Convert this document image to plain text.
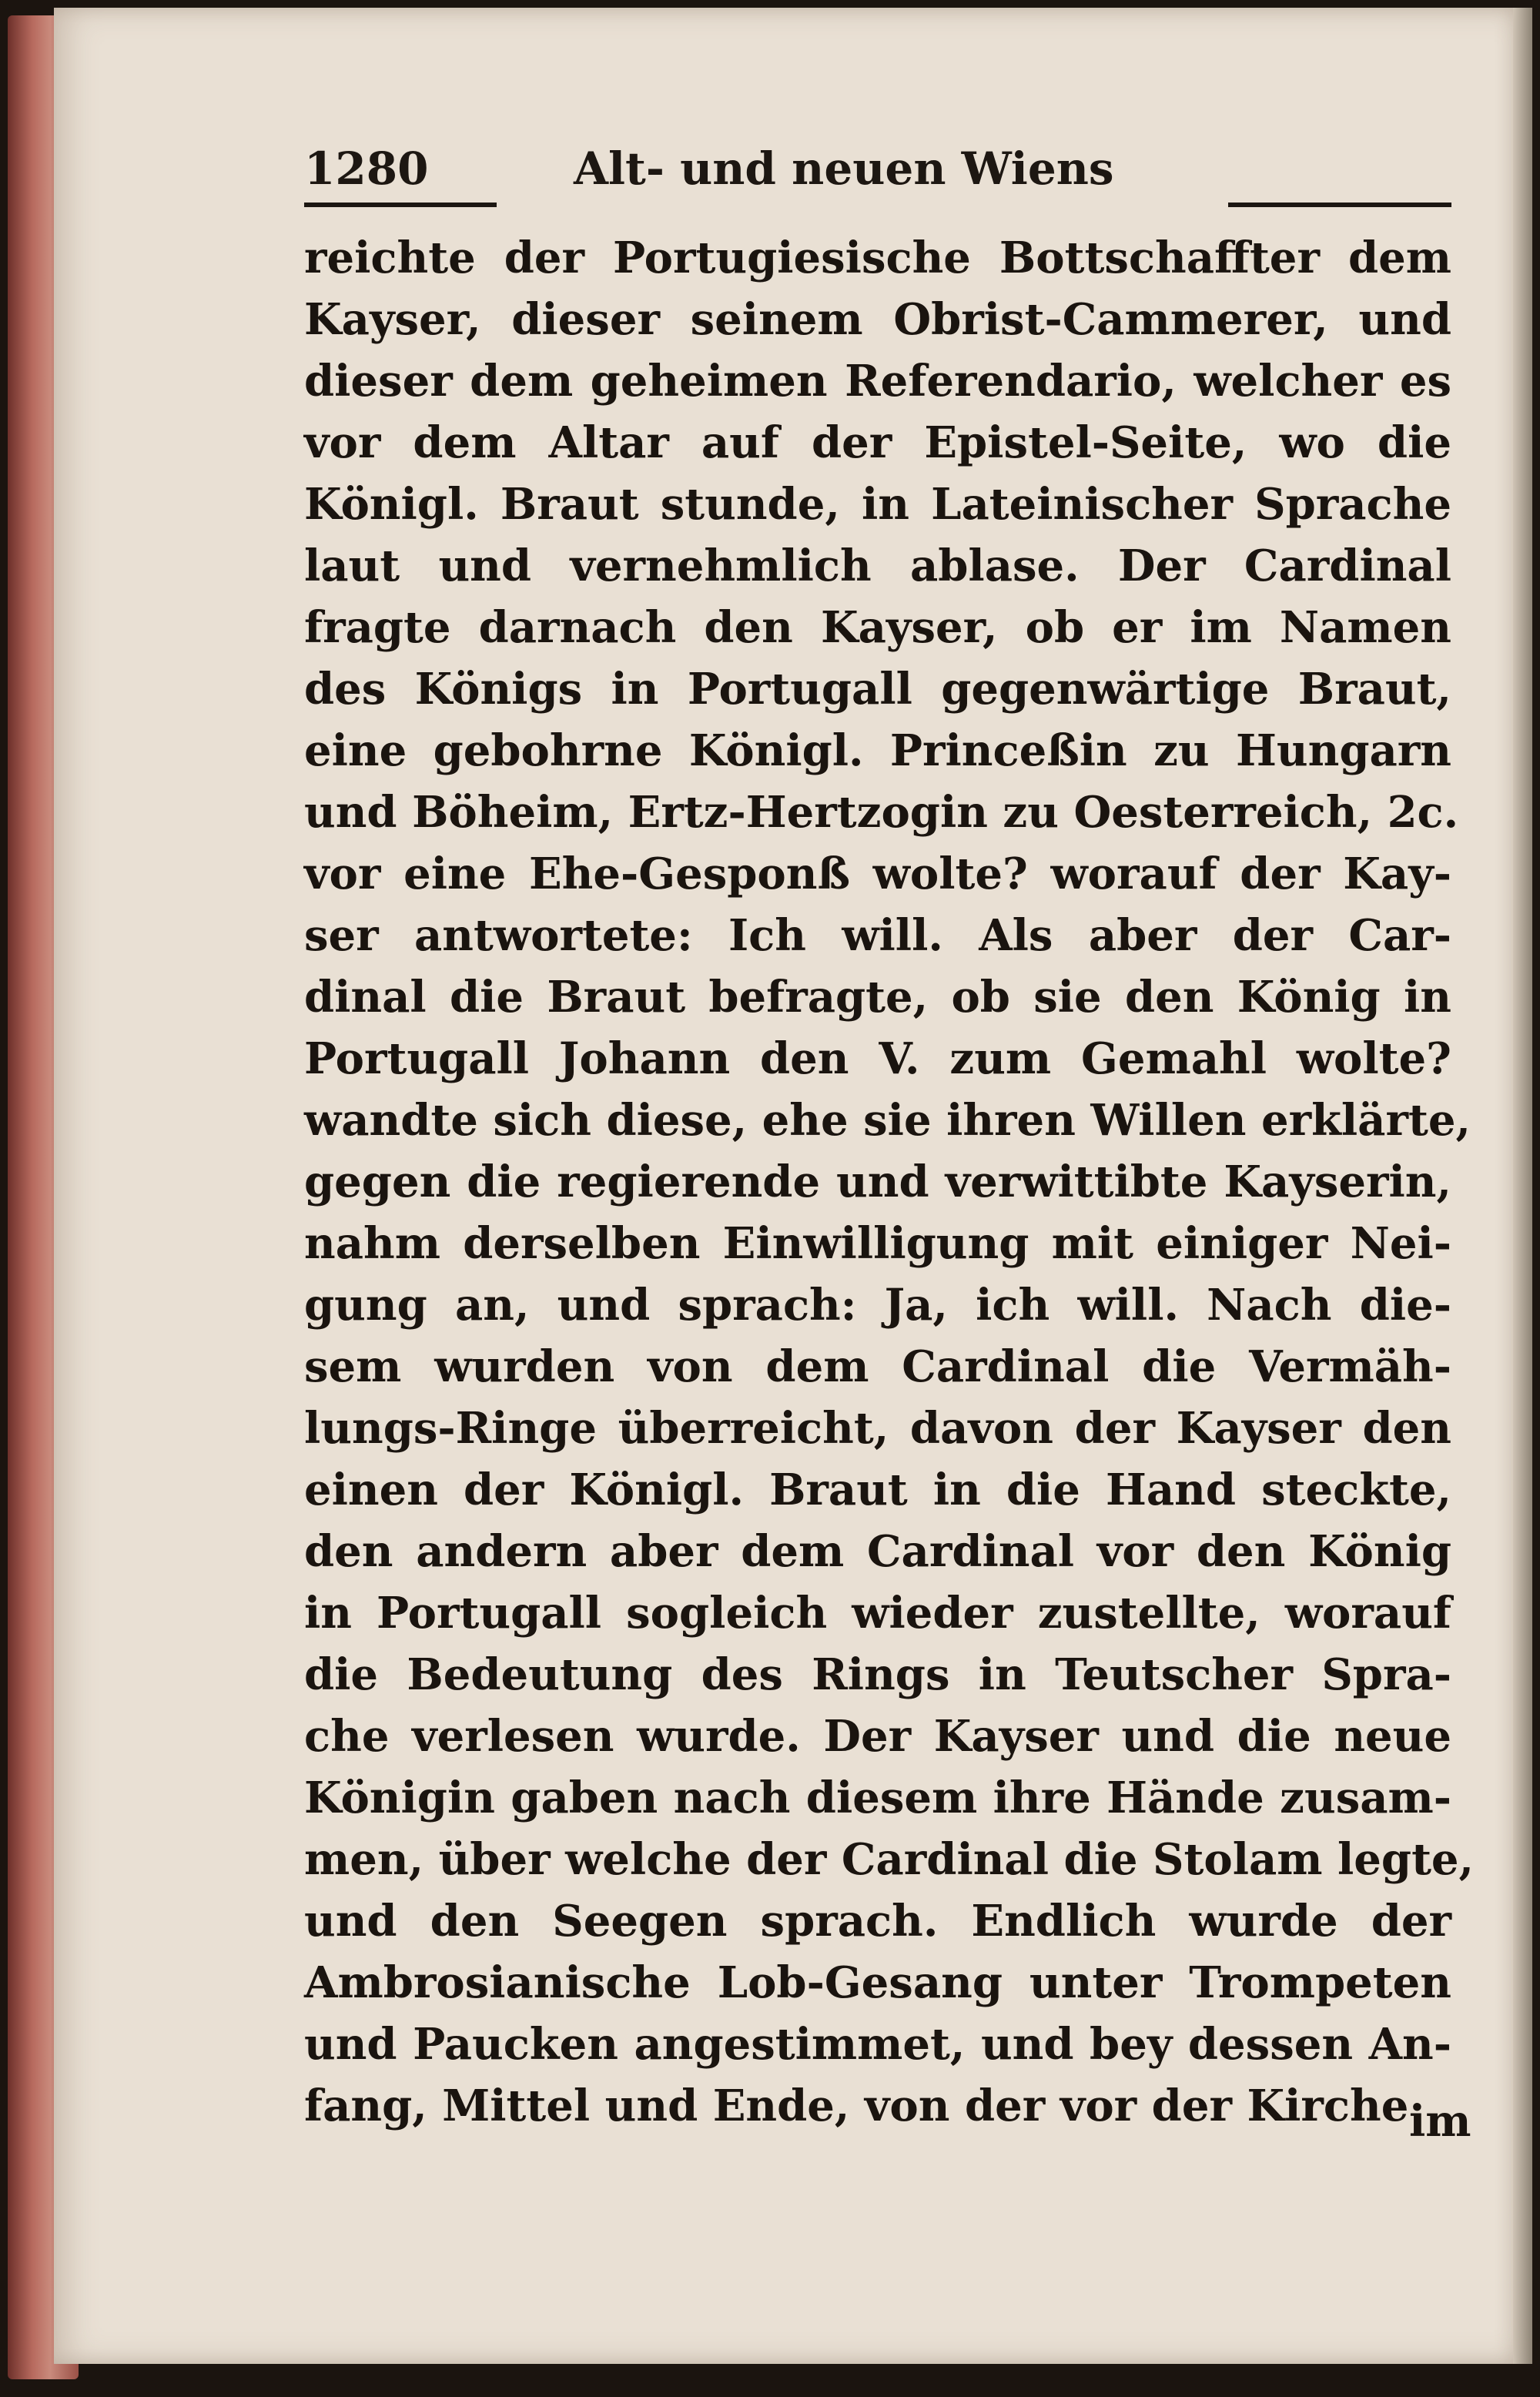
1280	Alt- und neuen Wiens
reichte der Portugiesische Bottschaffter dem
Kayser, dieser seinem Obrist-Cammerer, und
dieser dem geheimen Referendario, welcher es
vor dem Altar auf der Epistel-Seite, wo die
Königl. Braut stunde, in Lateinischer Sprache
laut und vernehmlich ablase. Der Cardinal
fragte darnach den Kayser, ob er im Namen
des Königs in Portugall gegenwärtige Braut,
eine gebohrne Königl. Princeßin zu Hungarn
und Böheim, Ertz-Hertzogin zu Oesterreich, 2c.
vor eine Ehe-Gesponß wolte? worauf der Kay-
ser antwortete: Ich will. Als aber der Car-
dinal die Braut befragte, ob sie den König in
Portugall Johann den V. zum Gemahl wolte?
wandte sich diese, ehe sie ihren Willen erklärte,
gegen die regierende und verwittibte Kayserin,
nahm derselben Einwilligung mit einiger Nei-
gung an, und sprach: Ja, ich will. Nach die-
sem wurden von dem Cardinal die Vermäh-
lungs-Ringe überreicht, davon der Kayser den
einen der Königl. Braut in die Hand steckte,
den andern aber dem Cardinal vor den König
in Portugall sogleich wieder zustellte, worauf
die Bedeutung des Rings in Teutscher Spra-
che verlesen wurde. Der Kayser und die neue
Königin gaben nach diesem ihre Hände zusam-
men, über welche der Cardinal die Stolam legte,
und den Seegen sprach. Endlich wurde der
Ambrosianische Lob-Gesang unter Trompeten
und Paucken angestimmet, und bey dessen An-
fang, Mittel und Ende, von der vor der Kirche im
